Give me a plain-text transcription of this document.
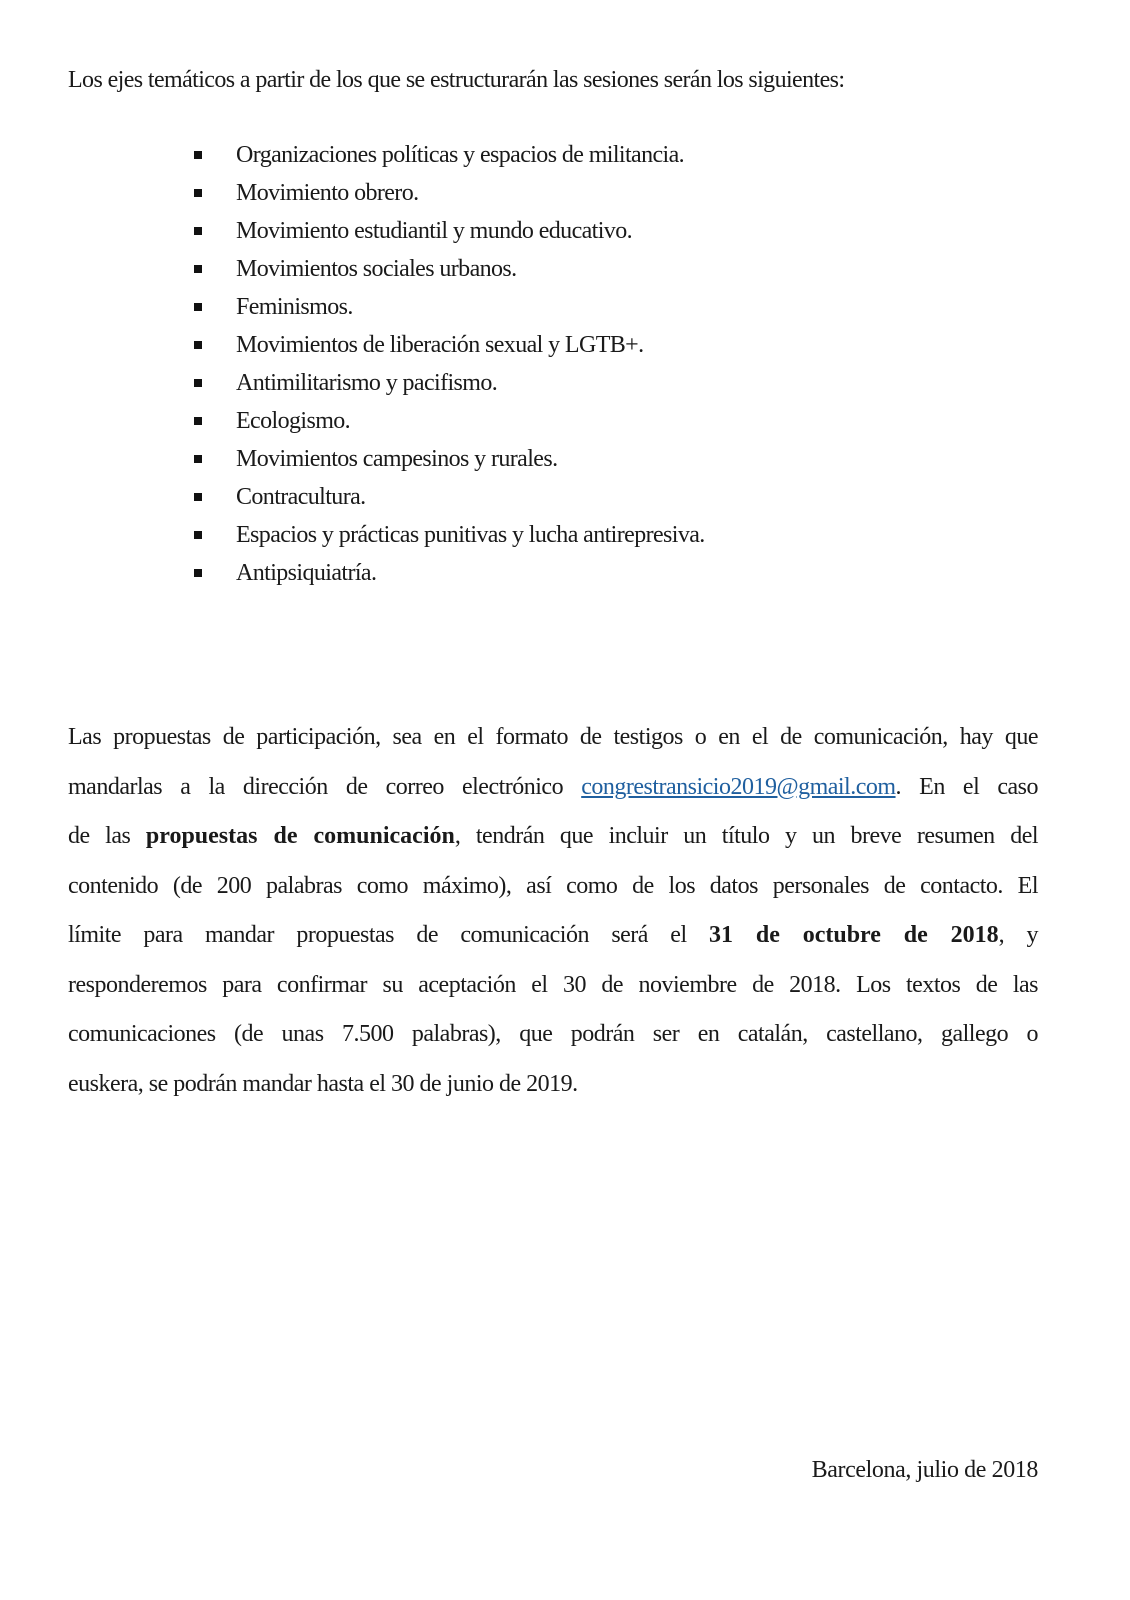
Los ejes temáticos a partir de los que se estructurarán las sesiones serán los siguientes:
Organizaciones políticas y espacios de militancia.
Movimiento obrero.
Movimiento estudiantil y mundo educativo.
Movimientos sociales urbanos.
Feminismos.
Movimientos de liberación sexual y LGTB+.
Antimilitarismo y pacifismo.
Ecologismo.
Movimientos campesinos y rurales.
Contracultura.
Espacios y prácticas punitivas y lucha antirepresiva.
Antipsiquiatría.

Las propuestas de participación, sea en el formato de testigos o en el de comunicación, hay que
mandarlas a la dirección de correo electrónico congrestransicio2019@gmail.com. En el caso
de las propuestas de comunicación, tendrán que incluir un título y un breve resumen del
contenido (de 200 palabras como máximo), así como de los datos personales de contacto. El
límite para mandar propuestas de comunicación será el 31 de octubre de 2018, y
responderemos para confirmar su aceptación el 30 de noviembre de 2018. Los textos de las
comunicaciones (de unas 7.500 palabras), que podrán ser en catalán, castellano, gallego o
euskera, se podrán mandar hasta el 30 de junio de 2019.

Barcelona, julio de 2018
